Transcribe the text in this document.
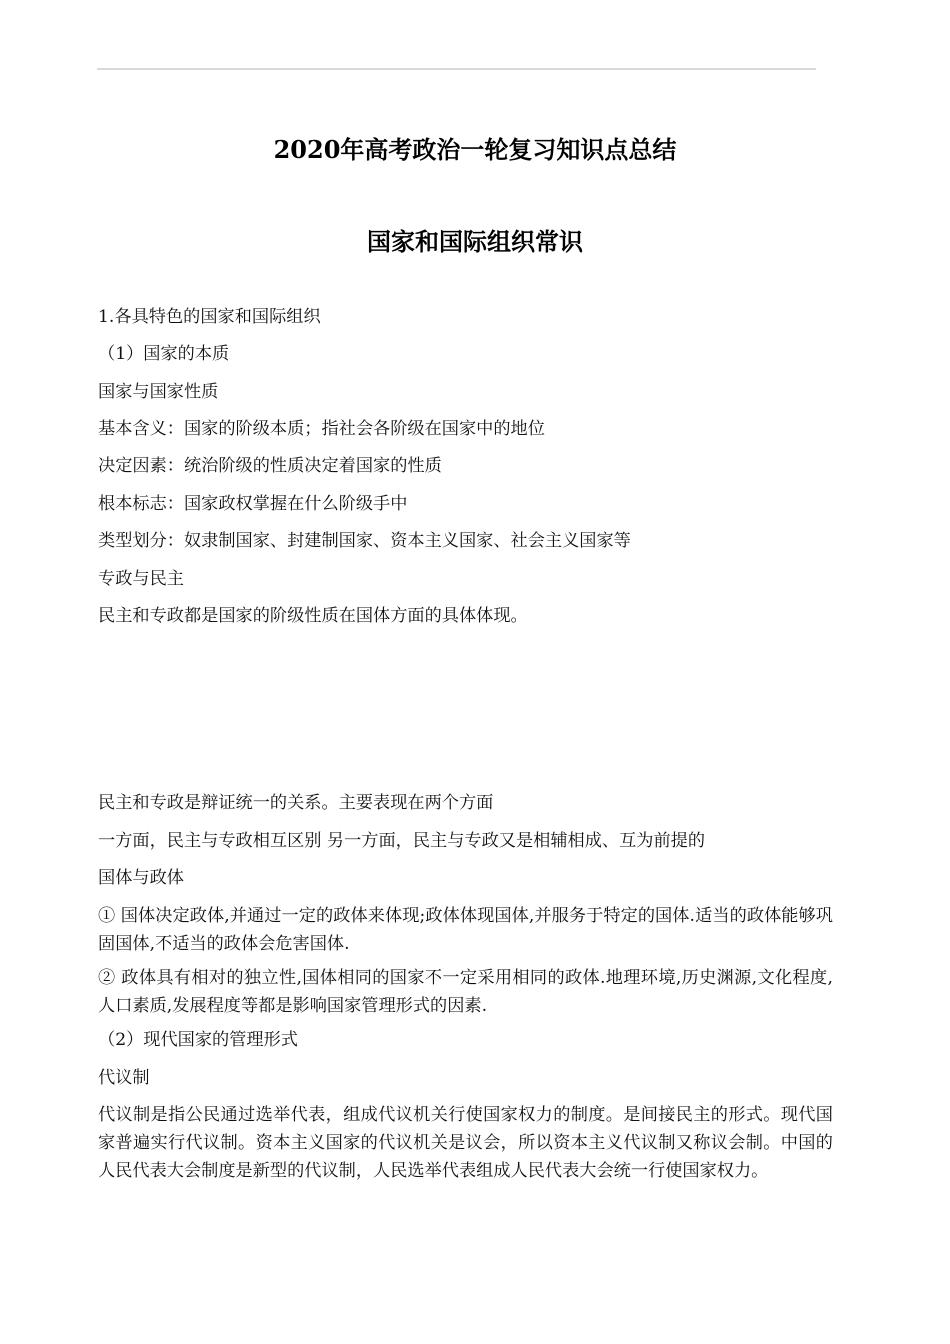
2020年高考政治一轮复习知识点总结
国家和国际组织常识
1.各具特色的国家和国际组织
（1）国家的本质
国家与国家性质
基本含义：国家的阶级本质；指社会各阶级在国家中的地位
决定因素：统治阶级的性质决定着国家的性质
根本标志：国家政权掌握在什么阶级手中
类型划分：奴隶制国家、封建制国家、资本主义国家、社会主义国家等
专政与民主
民主和专政都是国家的阶级性质在国体方面的具体体现。
民主和专政是辩证统一的关系。主要表现在两个方面
一方面，民主与专政相互区别 另一方面，民主与专政又是相辅相成、互为前提的
国体与政体
① 国体决定政体,并通过一定的政体来体现;政体体现国体,并服务于特定的国体.适当的政体能够巩固国体,不适当的政体会危害国体.
② 政体具有相对的独立性,国体相同的国家不一定采用相同的政体.地理环境,历史渊源,文化程度,人口素质,发展程度等都是影响国家管理形式的因素.
（2）现代国家的管理形式
代议制
代议制是指公民通过选举代表，组成代议机关行使国家权力的制度。是间接民主的形式。现代国家普遍实行代议制。资本主义国家的代议机关是议会，所以资本主义代议制又称议会制。中国的人民代表大会制度是新型的代议制，人民选举代表组成人民代表大会统一行使国家权力。
